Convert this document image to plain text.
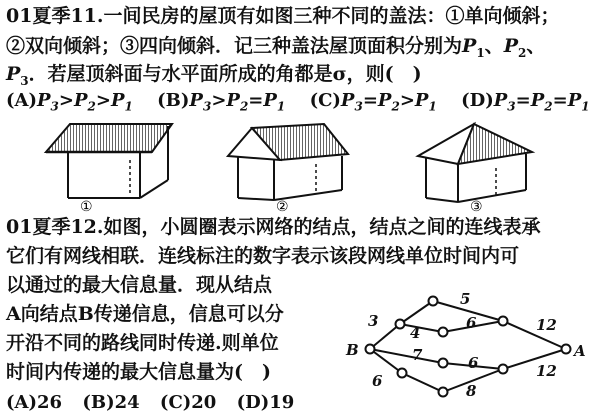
01夏季11.一间民房的屋顶有如图三种不同的盖法：①单向倾斜；
②双向倾斜；③四向倾斜．记三种盖法屋顶面积分别为$P_1$、$P_2$、
$P_3$．若屋顶斜面与水平面所成的角都是σ，则(　)
$(A)P_3>P_2>P_1$ $(B)P_3>P_2=P_1$ $(C)P_3=P_2>P_1$ $(D)P_3=P_2=P_1$
①	②	③
01夏季12.如图，小圆圈表示网络的结点，结点之间的连线表承
它们有网线相联．连线标注的数字表示该段网线单位时间内可
以通过的最大信息量．现从结点
A向结点B传递信息，信息可以分
开沿不同的路线同时传递.则单位
时间内传递的最大信息量为(　)
(A)26 (B)24 (C)20 (D)19
B	A
3
5
4
6	12
7	6
6
8
12
